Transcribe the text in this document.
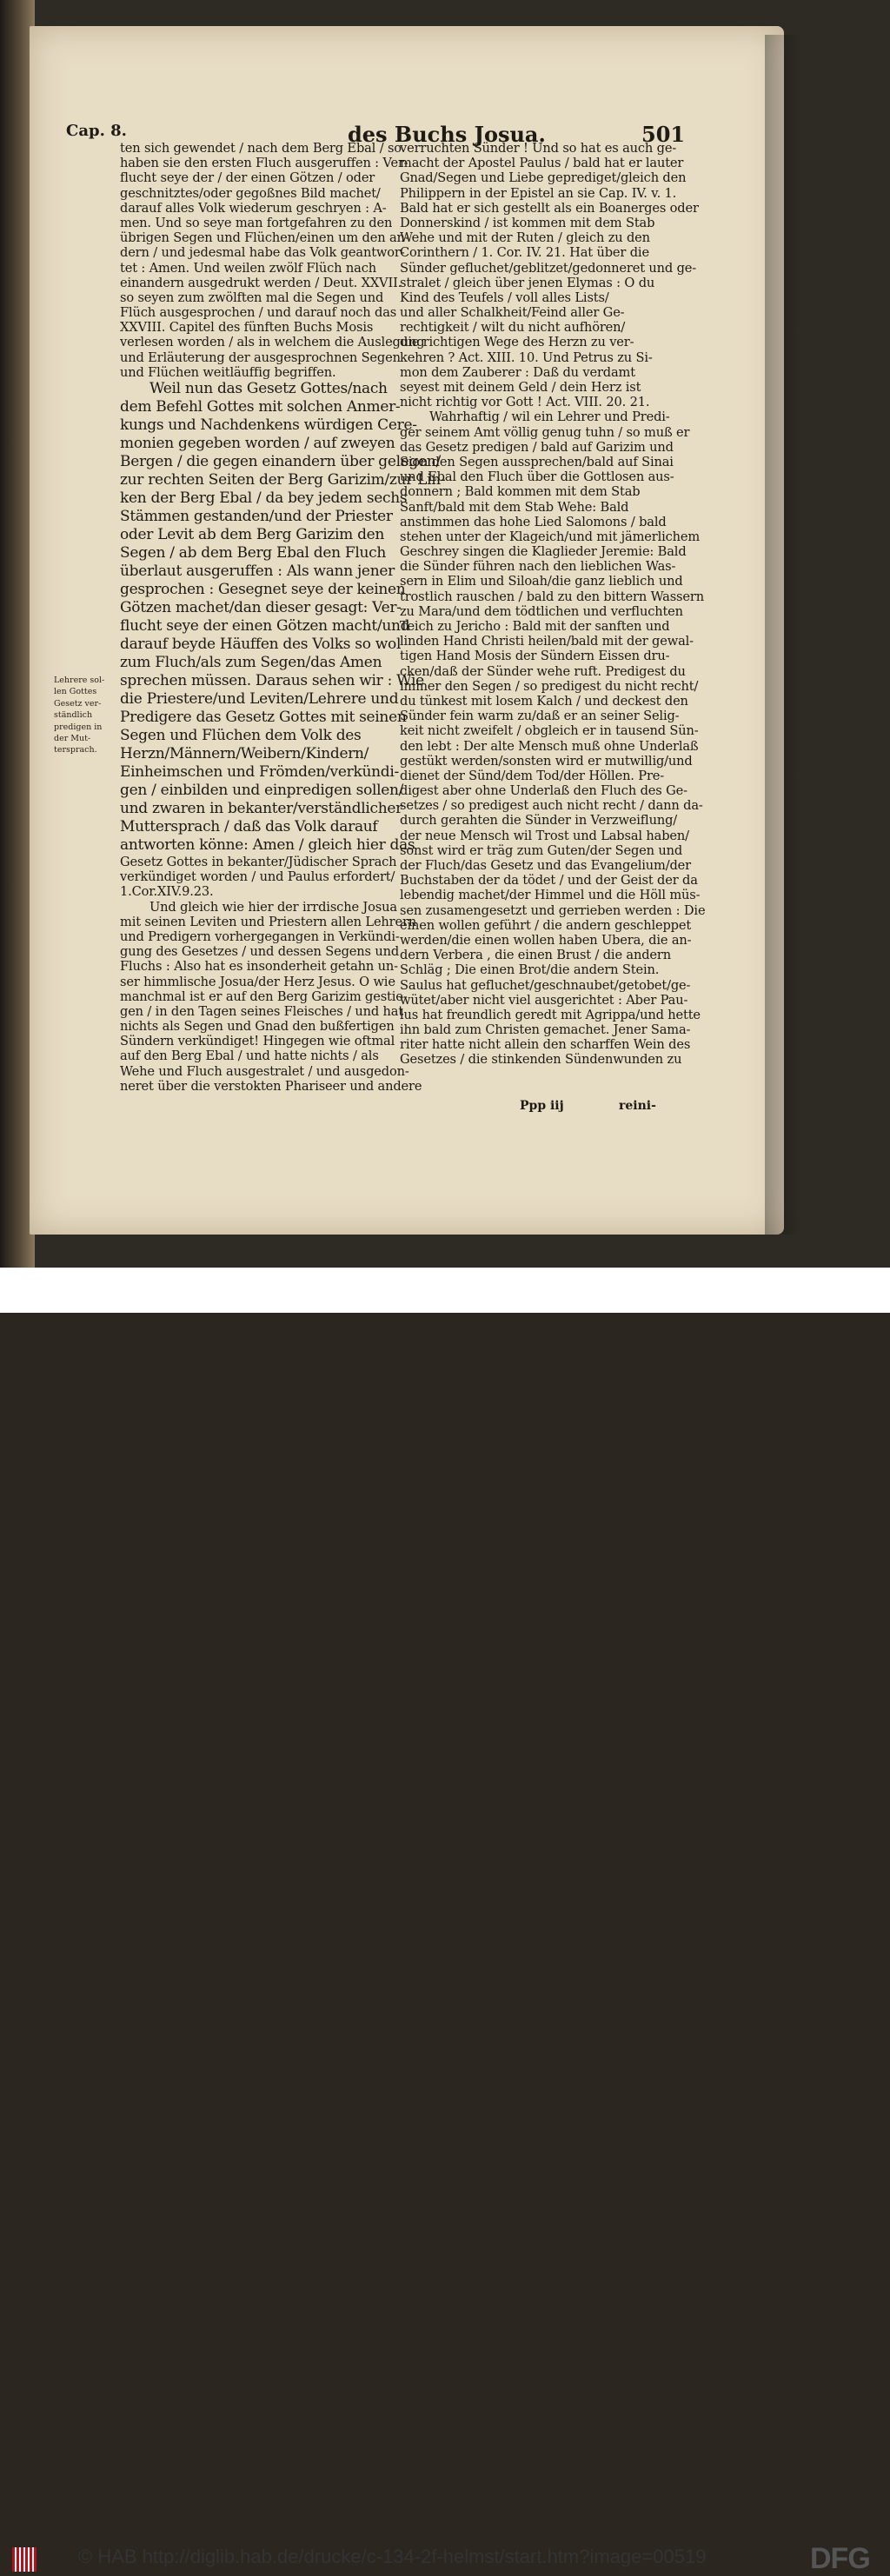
Cap. 8.	des Buchs Josua.	501
ten sich gewendet / nach dem Berg Ebal / so
haben sie den ersten Fluch ausgeruffen : Ver-
flucht seye der / der einen Götzen / oder
geschnitztes/oder gegoßnes Bild machet/
darauf alles Volk wiederum geschryen : A-
men. Und so seye man fortgefahren zu den
übrigen Segen und Flüchen/einen um den an-
dern / und jedesmal habe das Volk geantwor-
tet : Amen. Und weilen zwölf Flüch nach
einandern ausgedrukt werden / Deut. XXVII.
so seyen zum zwölften mal die Segen und
Flüch ausgesprochen / und darauf noch das
XXVIII. Capitel des fünften Buchs Mosis
verlesen worden / als in welchem die Auslegung
und Erläuterung der ausgesprochnen Segen
und Flüchen weitläuffig begriffen.
Weil nun das Gesetz Gottes/nach
dem Befehl Gottes mit solchen Anmer-
kungs und Nachdenkens würdigen Cere-
monien gegeben worden / auf zweyen
Bergen / die gegen einandern über gelegen/
zur rechten Seiten der Berg Garizim/zur Lin-
ken der Berg Ebal / da bey jedem sechs
Stämmen gestanden/und der Priester
oder Levit ab dem Berg Garizim den
Segen / ab dem Berg Ebal den Fluch
überlaut ausgeruffen : Als wann jener
gesprochen : Gesegnet seye der keinen
Götzen machet/dan dieser gesagt: Ver-
flucht seye der einen Götzen macht/und
darauf beyde Häuffen des Volks so wol
zum Fluch/als zum Segen/das Amen
sprechen müssen. Daraus sehen wir : Wie
die Priestere/und Leviten/Lehrere und
Predigere das Gesetz Gottes mit seinen
Segen und Flüchen dem Volk des
Herzn/Männern/Weibern/Kindern/
Einheimschen und Frömden/verkündi-
gen / einbilden und einpredigen sollen/
und zwaren in bekanter/verständlicher
Muttersprach / daß das Volk darauf
antworten könne: Amen / gleich hier das
Gesetz Gottes in bekanter/Jüdischer Sprach
verkündiget worden / und Paulus erfordert/
1.Cor.XIV.9.23.
Und gleich wie hier der irrdische Josua
mit seinen Leviten und Priestern allen Lehrern
und Predigern vorhergegangen in Verkündi-
gung des Gesetzes / und dessen Segens und
Fluchs : Also hat es insonderheit getahn un-
ser himmlische Josua/der Herz Jesus. O wie
manchmal ist er auf den Berg Garizim gestie-
gen / in den Tagen seines Fleisches / und hat
nichts als Segen und Gnad den bußfertigen
Sündern verkündiget! Hingegen wie oftmal
auf den Berg Ebal / und hatte nichts / als
Wehe und Fluch ausgestralet / und ausgedon-
neret über die verstokten Phariseer und andere
verruchten Sünder ! Und so hat es auch ge-
macht der Apostel Paulus / bald hat er lauter
Gnad/Segen und Liebe geprediget/gleich den
Philippern in der Epistel an sie Cap. IV. v. 1.
Bald hat er sich gestellt als ein Boanerges oder
Donnerskind / ist kommen mit dem Stab
Wehe und mit der Ruten / gleich zu den
Corinthern / 1. Cor. IV. 21. Hat über die
Sünder gefluchet/geblitzet/gedonneret und ge-
stralet / gleich über jenen Elymas : O du
Kind des Teufels / voll alles Lists/
und aller Schalkheit/Feind aller Ge-
rechtigkeit / wilt du nicht aufhören/
die richtigen Wege des Herzn zu ver-
kehren ? Act. XIII. 10. Und Petrus zu Si-
mon dem Zauberer : Daß du verdamt
seyest mit deinem Geld / dein Herz ist
nicht richtig vor Gott ! Act. VIII. 20. 21.
Wahrhaftig / wil ein Lehrer und Predi-
ger seinem Amt völlig genug tuhn / so muß er
das Gesetz predigen / bald auf Garizim und
Sion den Segen aussprechen/bald auf Sinai
und Ebal den Fluch über die Gottlosen aus-
donnern ; Bald kommen mit dem Stab
Sanft/bald mit dem Stab Wehe: Bald
anstimmen das hohe Lied Salomons / bald
stehen unter der Klageich/und mit jämerlichem
Geschrey singen die Klaglieder Jeremie: Bald
die Sünder führen nach den lieblichen Was-
sern in Elim und Siloah/die ganz lieblich und
trostlich rauschen / bald zu den bittern Wassern
zu Mara/und dem tödtlichen und verfluchten
Teich zu Jericho : Bald mit der sanften und
linden Hand Christi heilen/bald mit der gewal-
tigen Hand Mosis der Sündern Eissen dru-
cken/daß der Sünder wehe ruft. Predigest du
immer den Segen / so predigest du nicht recht/
du tünkest mit losem Kalch / und deckest den
Sünder fein warm zu/daß er an seiner Selig-
keit nicht zweifelt / obgleich er in tausend Sün-
den lebt : Der alte Mensch muß ohne Underlaß
gestükt werden/sonsten wird er mutwillig/und
dienet der Sünd/dem Tod/der Höllen. Pre-
digest aber ohne Underlaß den Fluch des Ge-
setzes / so predigest auch nicht recht / dann da-
durch gerahten die Sünder in Verzweiflung/
der neue Mensch wil Trost und Labsal haben/
sonst wird er träg zum Guten/der Segen und
der Fluch/das Gesetz und das Evangelium/der
Buchstaben der da tödet / und der Geist der da
lebendig machet/der Himmel und die Höll müs-
sen zusamengesetzt und gerrieben werden : Die
einen wollen geführt / die andern geschleppet
werden/die einen wollen haben Ubera, die an-
dern Verbera , die einen Brust / die andern
Schläg ; Die einen Brot/die andern Stein.
Saulus hat gefluchet/geschnaubet/getobet/ge-
wütet/aber nicht viel ausgerichtet : Aber Pau-
lus hat freundlich geredt mit Agrippa/und hette
ihn bald zum Christen gemachet. Jener Sama-
riter hatte nicht allein den scharffen Wein des
Gesetzes / die stinkenden Sündenwunden zu
Lehrere sol-
len Gottes
Gesetz ver-
ständlich
predigen in
der Mut-
tersprach.
Ppp iij	reini-
© HAB http://diglib.hab.de/drucke/c-134-2f-helmst/start.htm?image=00519	DFG
